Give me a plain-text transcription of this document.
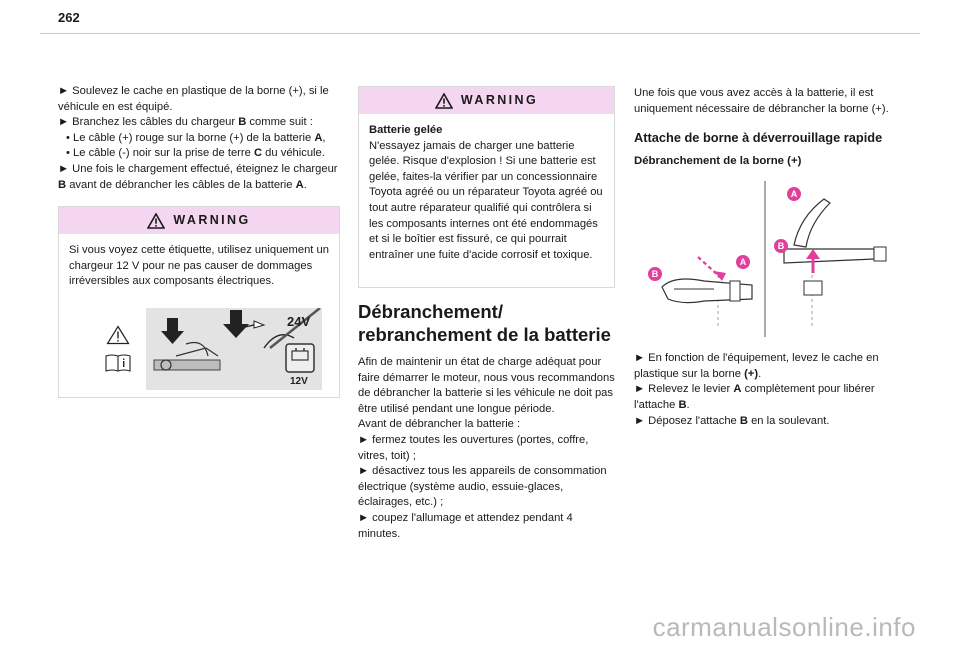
262

► Soulevez le cache en plastique de la borne (+), si le véhicule en est équipé.

► Branchez les câbles du chargeur B comme suit :

• Le câble (+) rouge sur la borne (+) de la batterie A,

• Le câble (-) noir sur la prise de terre C du véhicule.

► Une fois le chargement effectué, éteignez le chargeur B avant de débrancher les câbles de la batterie A.

WARNING
Si vous voyez cette étiquette, utilisez uniquement un chargeur 12 V pour ne pas causer de dommages irréversibles aux composants électriques.
24V
12V
WARNING

Batterie gelée

N'essayez jamais de charger une batterie gelée. Risque d'explosion ! Si une batterie est gelée, faites-la vérifier par un concessionnaire Toyota agréé ou un réparateur Toyota agréé ou tout autre réparateur qualifié qui contrôlera si les composants internes ont été endommagés et si le boîtier est fissuré, ce qui pourrait entraîner une fuite d'acide corrosif et toxique.

Débranchement/ rebranchement de la batterie

Afin de maintenir un état de charge adéquat pour faire démarrer le moteur, nous vous recommandons de débrancher la batterie si les véhicule ne doit pas être utilisé pendant une longue période.

Avant de débrancher la batterie :

► fermez toutes les ouvertures (portes, coffre, vitres, toit) ;

► désactivez tous les appareils de consommation électrique (système audio, essuie-glaces, éclairages, etc.) ;

► coupez l'allumage et attendez pendant 4 minutes.

Une fois que vous avez accès à la batterie, il est uniquement nécessaire de débrancher la borne (+).

Attache de borne à déverrouillage rapide

Débranchement de la borne (+)

A
B
A
B

► En fonction de l'équipement, levez le cache en plastique sur la borne (+).

► Relevez le levier A complètement pour libérer l'attache B.

► Déposez l'attache B en la soulevant.

carmanualsonline.info
